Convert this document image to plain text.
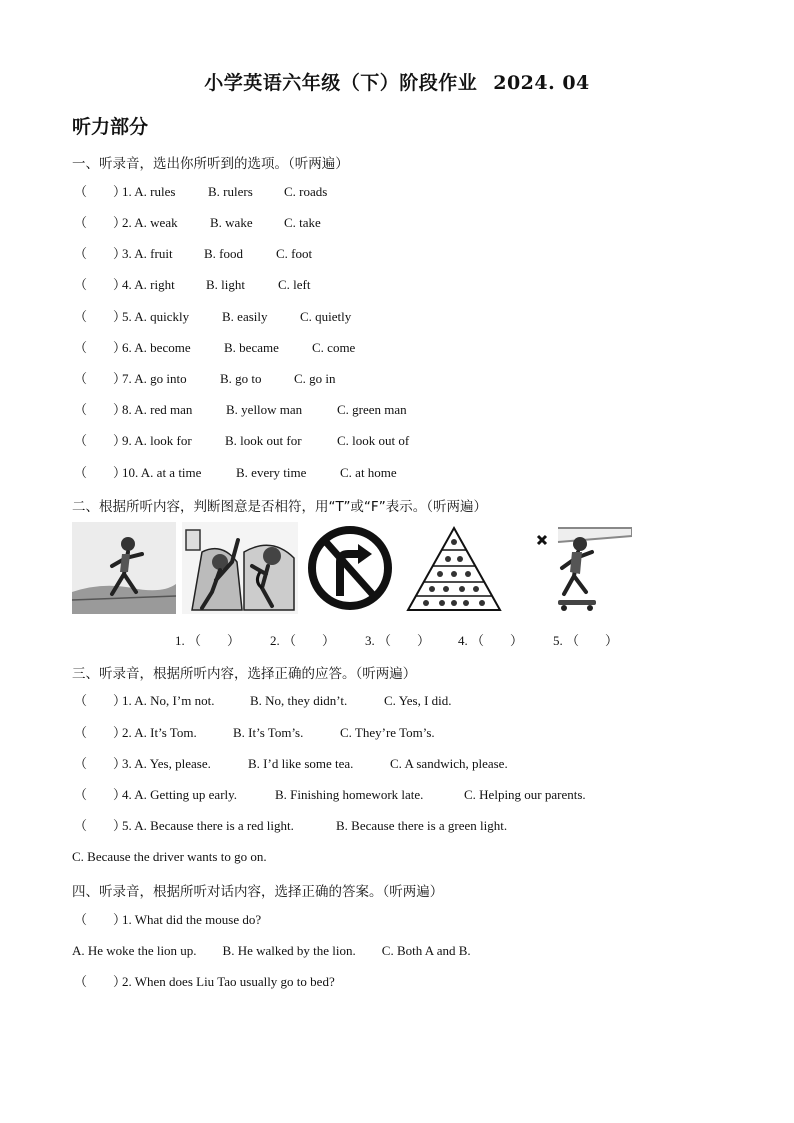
小学英语六年级（下）阶段作业 2024. 04
听力部分
一、听录音，选出你所听到的选项。（听两遍）
（　　）
1. A. rules	B. rulers C. roads
（　　）
2. A. weak B. wake C. take
（　　）
3. A. fruit B. food	C. foot
（　　）
4. A. right B. light	C. left
（　　）
5. A. quickly	B. easily	C. quietly
（　　）
6. A. become	B. became	C. come
（　　）
7. A. go into	B. go to C. go in
（　　）
8. A. red man	B. yellow man	C. green man
（　　）
9. A. look for	B. look out for	C. look out of
（　　）
10. A. at a time	B. every time	C. at home
二、根据所听内容，判断图意是否相符，用“T”或“F”表示。（听两遍）
1. （　　） 2. （　　） 3. （　　） 4. （　　） 5. （　　）
三、听录音，根据所听内容，选择正确的应答。（听两遍）
（　　）
1. A. No, I’m not.	B. No, they didn’t.	C. Yes, I did.
（　　）
2. A. It’s Tom.	B. It’s Tom’s.	C. They’re Tom’s.
（　　）
3. A. Yes, please.	B. I’d like some tea.	C. A sandwich, please.
（　　）
4. A. Getting up early.	B. Finishing homework late.	C. Helping our parents.
（　　）
5. A. Because there is a red light.	B. Because there is a green light.
C. Because the driver wants to go on.
四、听录音，根据所听对话内容，选择正确的答案。（听两遍）
（　　）
1. What did the mouse do?
A. He woke the lion up.　　B. He walked by the lion.　　C. Both A and B.
（　　）
2. When does Liu Tao usually go to bed?
